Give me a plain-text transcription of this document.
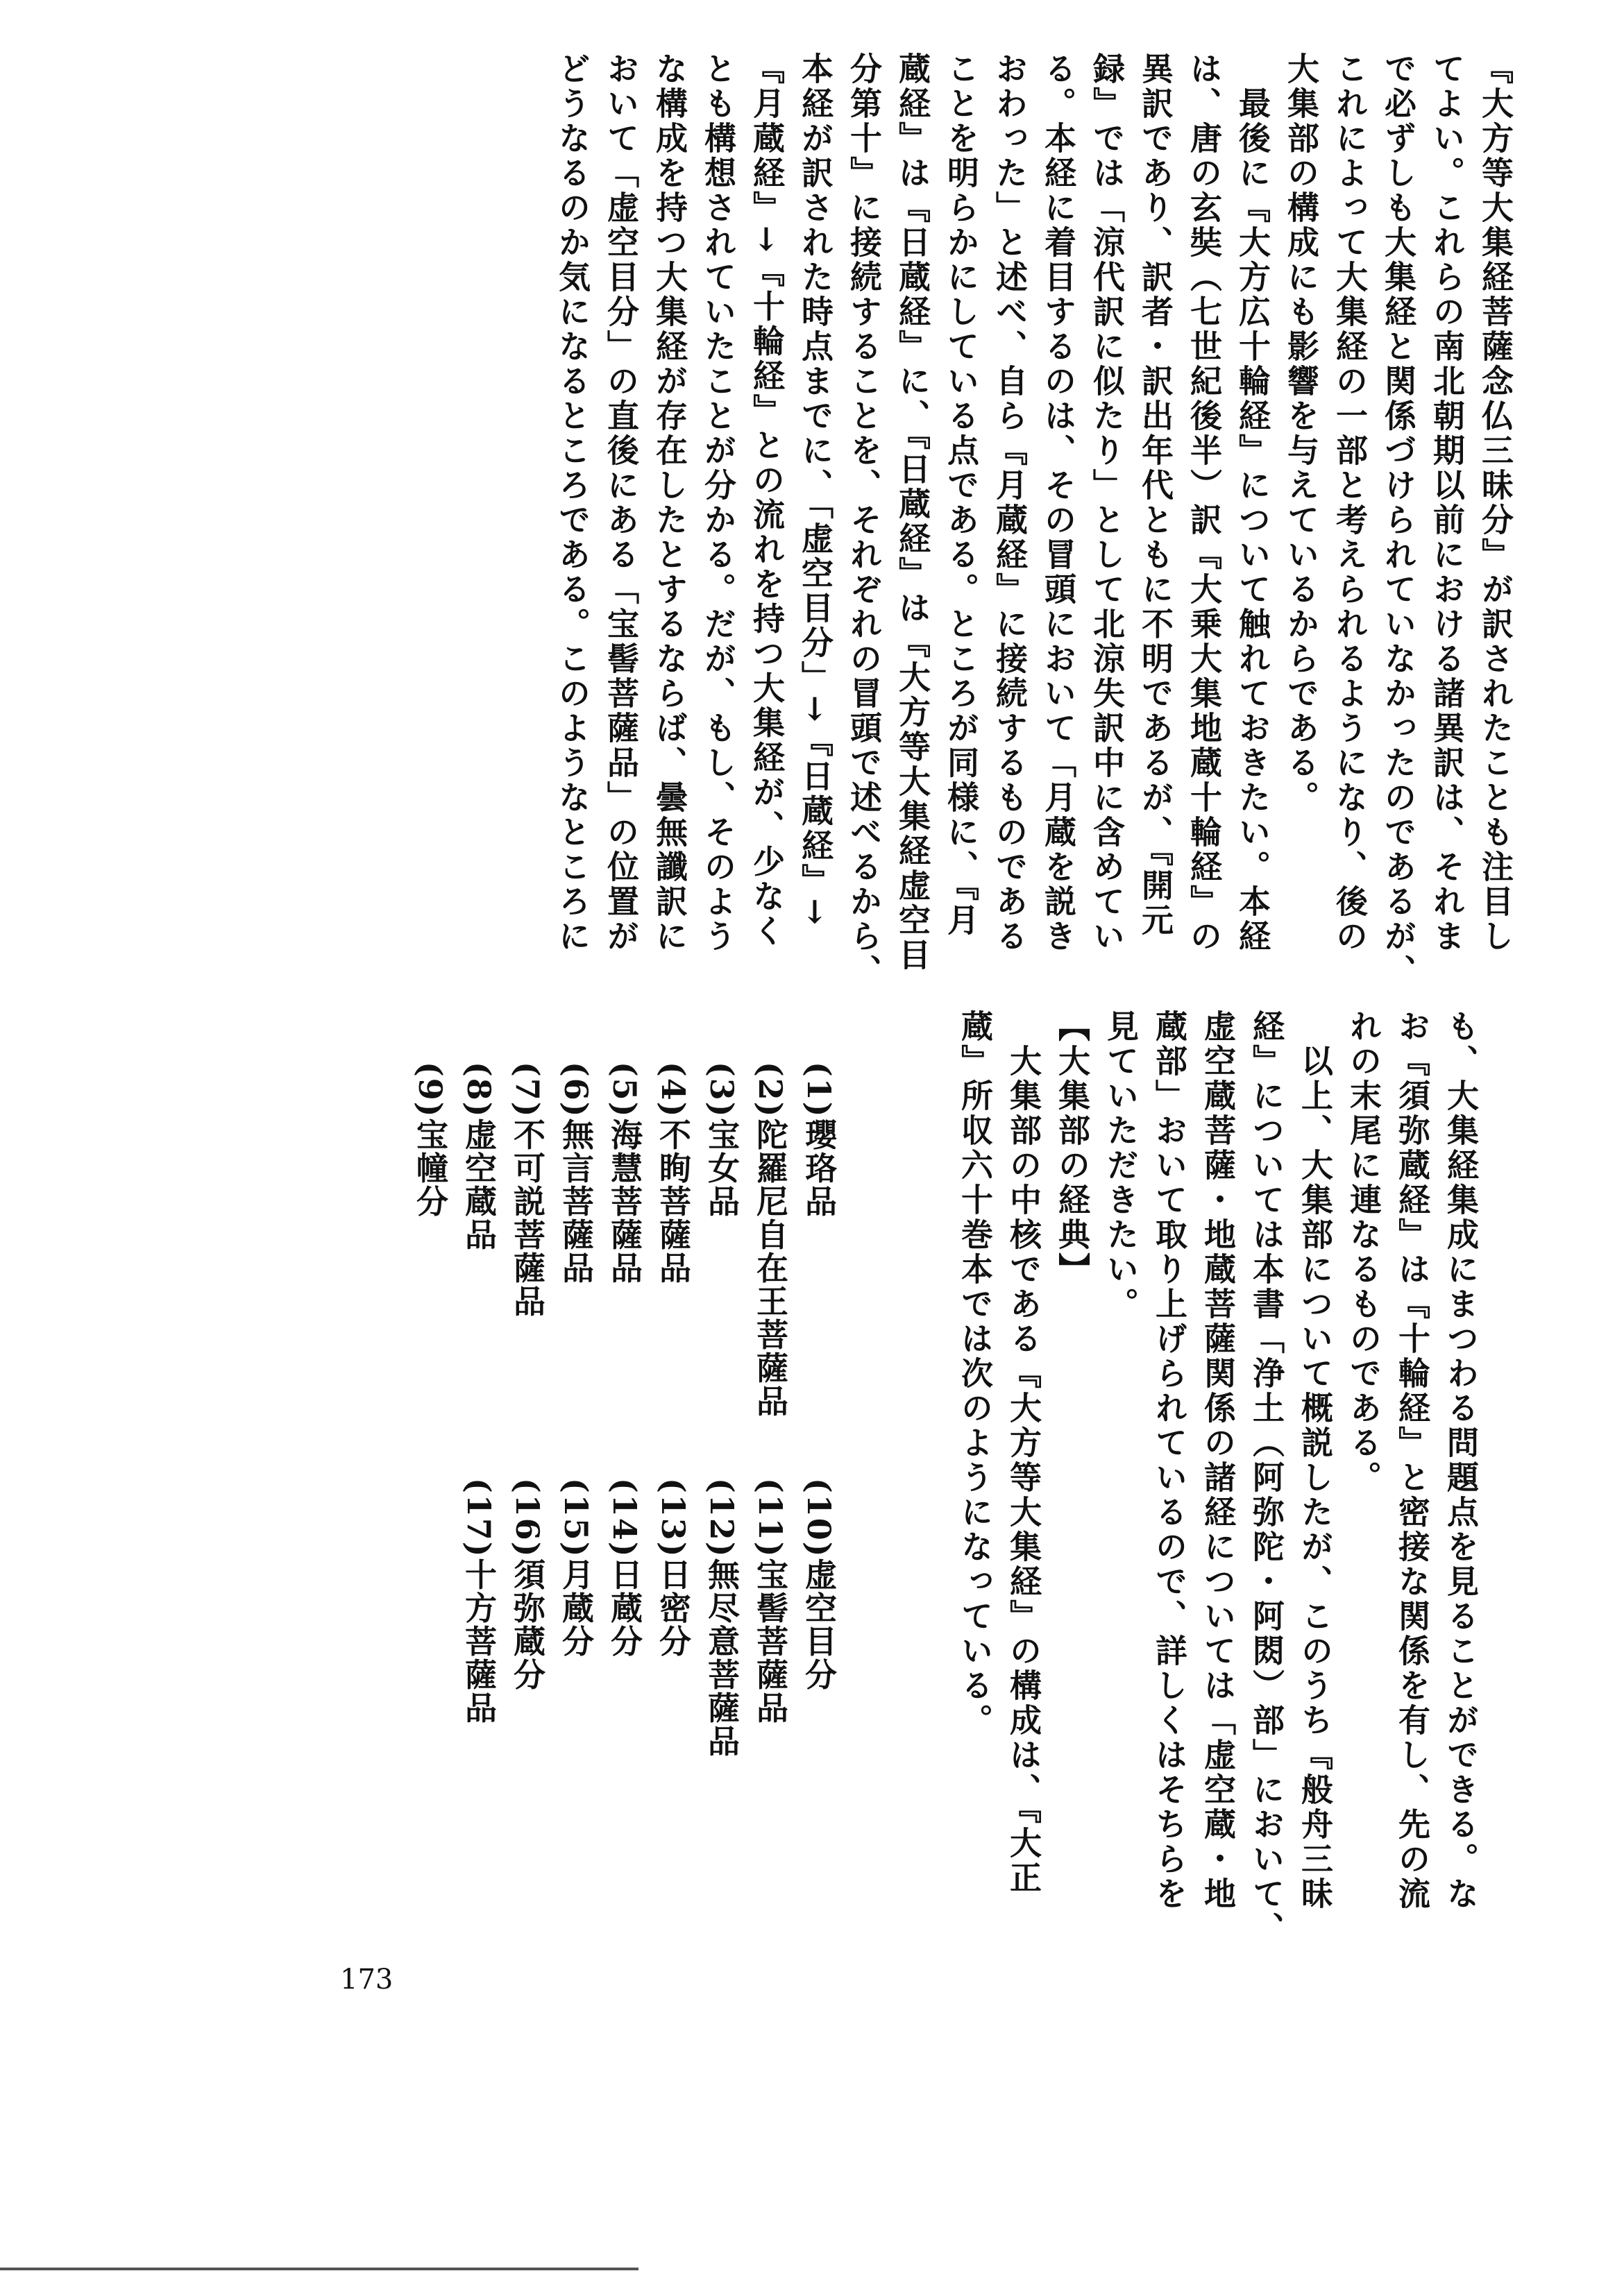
『大方等大集経菩薩念仏三昧分』が訳されたことも注目し
てよい。これらの南北朝期以前における諸異訳は、それま
で必ずしも大集経と関係づけられていなかったのであるが、
これによって大集経の一部と考えられるようになり、後の
大集部の構成にも影響を与えているからである。
　最後に『大方広十輪経』について触れておきたい。本経
は、唐の玄奘（七世紀後半）訳『大乗大集地蔵十輪経』の
異訳であり、訳者・訳出年代ともに不明であるが、『開元
録』では「涼代訳に似たり」として北涼失訳中に含めてい
る。本経に着目するのは、その冒頭において「月蔵を説き
おわった」と述べ、自ら『月蔵経』に接続するものである
ことを明らかにしている点である。ところが同様に、『月
蔵経』は『日蔵経』に、『日蔵経』は『大方等大集経虚空目
分第十』に接続することを、それぞれの冒頭で述べるから、
本経が訳された時点までに、「虚空目分」→『日蔵経』→
『月蔵経』→『十輪経』との流れを持つ大集経が、少なく
とも構想されていたことが分かる。だが、もし、そのよう
な構成を持つ大集経が存在したとするならば、曇無讖訳に
おいて「虚空目分」の直後にある「宝髻菩薩品」の位置が
どうなるのか気になるところである。このようなところに
も、大集経集成にまつわる問題点を見ることができる。な
お『須弥蔵経』は『十輪経』と密接な関係を有し、先の流
れの末尾に連なるものである。
　以上、大集部について概説したが、このうち『般舟三昧
経』については本書「浄土（阿弥陀・阿閦）部」において、
虚空蔵菩薩・地蔵菩薩関係の諸経については「虚空蔵・地
蔵部」おいて取り上げられているので、詳しくはそちらを
見ていただきたい。
【大集部の経典】
　大集部の中核である『大方等大集経』の構成は、『大正
蔵』所収六十巻本では次のようになっている。
(1)瓔珞品
(2)陀羅尼自在王菩薩品
(3)宝女品
(4)不眴菩薩品
(5)海慧菩薩品
(6)無言菩薩品
(7)不可説菩薩品
(8)虚空蔵品
(9)宝幢分
(10)虚空目分
(11)宝髻菩薩品
(12)無尽意菩薩品
(13)日密分
(14)日蔵分
(15)月蔵分
(16)須弥蔵分
(17)十方菩薩品
173
